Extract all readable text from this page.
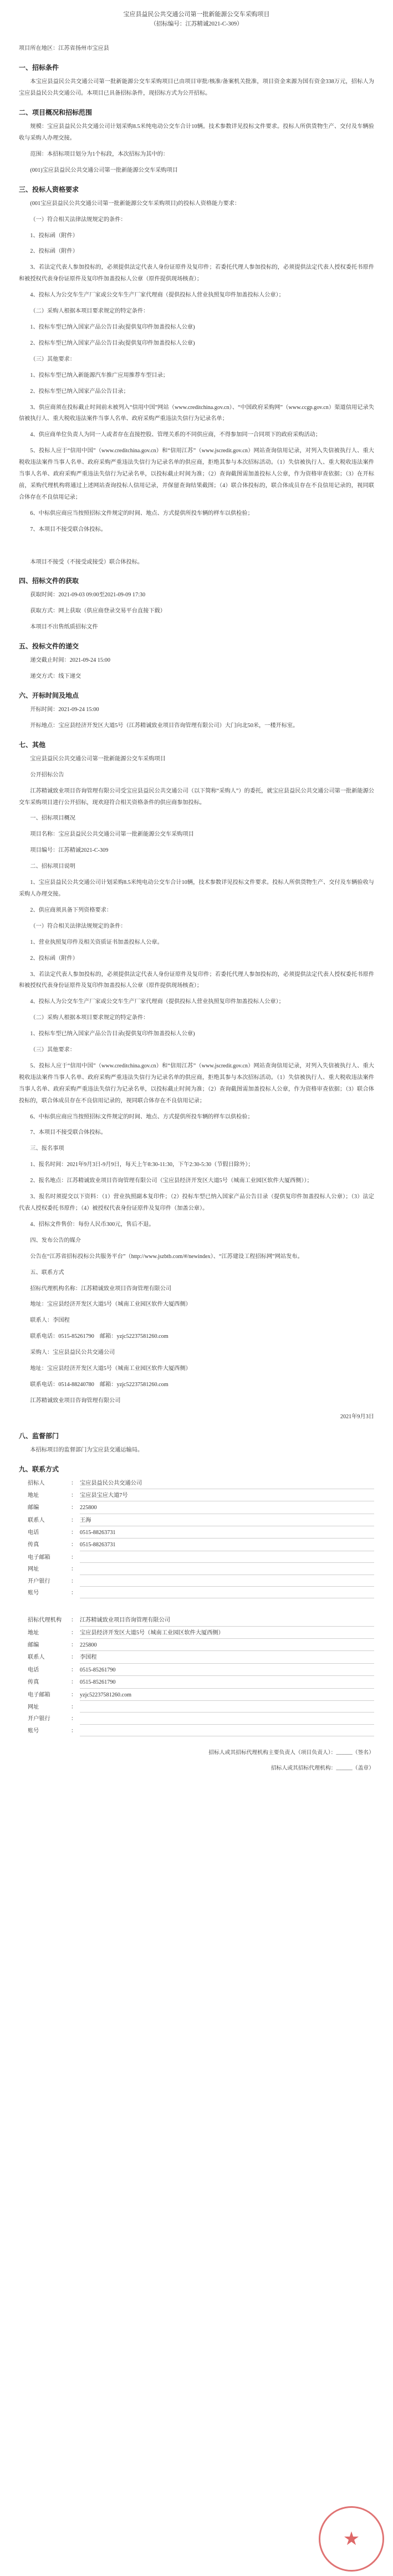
宝应县益民公共交通公司第一批新能源公交车采购项目
（招标编号：江苏精诚2021-C-309）

项目所在地区：江苏省扬州市宝应县

一、招标条件

本宝应县益民公共交通公司第一批新能源公交车采购项目已由项目审批/核准/备案机关批准，项目资金来源为国有资金338万元，招标人为宝应县益民公共交通公司。本项目已具备招标条件，现招标方式为公开招标。

二、项目概况和招标范围

规模：宝应县益民公共交通公司计划采购8.5米纯电动公交车合计10辆。技术参数详见投标文件要求。投标人所供货物生产、交付及车辆验收与采购人办理交接。

范围：本招标项目划分为1个标段，本次招标为其中的：

(001)宝应县益民公共交通公司第一批新能源公交车采购项目

三、投标人资格要求

(001宝应县益民公共交通公司第一批新能源公交车采购项目)的投标人资格能力要求：

（一）符合相关法律法规规定的条件：

1、投标函（附件）

2、投标函（附件）

3、若法定代表人参加投标的，必须提供法定代表人身份证原件及复印件；若委托代理人参加投标的，必须提供法定代表人授权委托书原件和被授权代表身份证原件及复印件加盖投标人公章（原件提供现场核查）；

4、投标人为公交车生产厂家或公交车生产厂家代理商（提供投标人营业执照复印件加盖投标人公章）；

（二）采购人根据本项目要求规定的特定条件：

1、投标车型已纳入国家产品公告目录(提供复印件加盖投标人公章)

2、投标车型已纳入国家产品公告目录(提供复印件加盖投标人公章)

（三）其他要求：

1、投标车型已纳入新能源汽车推广应用推荐车型目录；

2、投标车型已纳入国家产品公告目录；

3、供应商须在投标截止时间前未被列入“信用中国”网站（www.creditchina.gov.cn）、“中国政府采购网”（www.ccgp.gov.cn）渠道信用记录失信被执行人、重大税收违法案件当事人名单、政府采购严重违法失信行为记录名单；

4、供应商单位负责人为同一人或者存在直接控股、管理关系的不同供应商，不得参加同一合同项下的政府采购活动；

5、投标人应于“信用中国”（www.creditchina.gov.cn）和“信用江苏”（www.jscredit.gov.cn）网站查询信用记录，对列入失信被执行人、重大税收违法案件当事人名单、政府采购严重违法失信行为记录名单的供应商，拒绝其参与本次招标活动。（1）失信被执行人、重大税收违法案件当事人名单、政府采购严重违法失信行为记录名单，以投标截止时间为准；（2）查询截图需加盖投标人公章，作为资格审查依据；（3）在开标前，采购代理机构将通过上述网站查询投标人信用记录，并保留查询结果截图；（4）联合体投标的，联合体成员存在不良信用记录的，视同联合体存在不良信用记录；

6、中标供应商应当按照招标文件规定的时间、地点、方式提供所投车辆的样车以供检验；

7、本项目不接受联合体投标。

本项目不接受（不接受或接受）联合体投标。

四、招标文件的获取

获取时间：2021-09-03 09:00至2021-09-09 17:30

获取方式：网上获取（供应商登录交易平台直接下载）

本项目不出售纸质招标文件

五、投标文件的递交

递交截止时间：2021-09-24 15:00

递交方式：线下递交

六、开标时间及地点

开标时间：2021-09-24 15:00

开标地点：宝应县经济开发区大道5号（江苏精诚致业项目咨询管理有限公司）大门向北50米，一楼开标室。

七、其他

宝应县益民公共交通公司第一批新能源公交车采购项目

公开招标公告

江苏精诚致业项目咨询管理有限公司受宝应县益民公共交通公司（以下简称“采购人”）的委托，就宝应县益民公共交通公司第一批新能源公交车采购项目进行公开招标，现欢迎符合相关资格条件的供应商参加投标。

一、招标项目概况

项目名称：宝应县益民公共交通公司第一批新能源公交车采购项目

项目编号：江苏精诚2021-C-309

二、招标项目说明

1、宝应县益民公共交通公司计划采购8.5米纯电动公交车合计10辆，技术参数详见投标文件要求。投标人所供货物生产、交付及车辆验收与采购人办理交接。

2、供应商须具备下列资格要求：

（一）符合相关法律法规规定的条件：

1、营业执照复印件及相关资质证书加盖投标人公章。

2、投标函（附件）

3、若法定代表人参加投标的，必须提供法定代表人身份证原件及复印件；若委托代理人参加投标的，必须提供法定代表人授权委托书原件和被授权代表身份证原件及复印件加盖投标人公章（原件提供现场核查）；

4、投标人为公交车生产厂家或公交车生产厂家代理商（提供投标人营业执照复印件加盖投标人公章）；

（二）采购人根据本项目要求规定的特定条件：

1、投标车型已纳入国家产品公告目录(提供复印件加盖投标人公章)

（三）其他要求：

5、投标人应于“信用中国”（www.creditchina.gov.cn）和“信用江苏”（www.jscredit.gov.cn）网站查询信用记录，对列入失信被执行人、重大税收违法案件当事人名单、政府采购严重违法失信行为记录名单的供应商，拒绝其参与本次招标活动。（1）失信被执行人、重大税收违法案件当事人名单、政府采购严重违法失信行为记录名单，以投标截止时间为准；（2）查询截图需加盖投标人公章，作为资格审查依据；（3）联合体投标的，联合体成员存在不良信用记录的，视同联合体存在不良信用记录；

6、中标供应商应当按照招标文件规定的时间、地点、方式提供所投车辆的样车以供检验；

7、本项目不接受联合体投标。

三、报名事项

1、报名时间：2021年9月3日-9月9日，每天上午8:30-11:30，下午2:30-5:30（节假日除外）；

2、报名地点：江苏精诚致业项目咨询管理有限公司（宝应县经济开发区大道5号（城南工业园区软件大厦西侧））；

3、报名时须提交以下资料：（1）营业执照副本复印件；（2）投标车型已纳入国家产品公告目录（提供复印件加盖投标人公章）；（3）法定代表人授权委托书原件；（4）被授权代表身份证原件及复印件（加盖公章）。

4、招标文件售价：每份人民币300元，售后不退。

四、发布公告的媒介

公告在“江苏省招标投标公共服务平台”（http://www.jszbtb.com/#/newindex）、“江苏建设工程招标网”网站发布。

五、联系方式

招标代理机构名称：江苏精诚致业项目咨询管理有限公司

地址：宝应县经济开发区大道5号（城南工业园区软件大厦西侧）

联系人：李国程

联系电话：0515-85261790　邮箱：yzjc52237581260.com

采购人：宝应县益民公共交通公司

地址：宝应县经济开发区大道5号（城南工业园区软件大厦西侧）

联系电话：0514-88240780　邮箱：yzjc52237581260.com

江苏精诚致业项目咨询管理有限公司

2021年9月3日

八、监督部门

本招标项目的监督部门为宝应县交通运输局。

九、联系方式
招标人	： 宝应县益民公共交通公司
地址	： 宝应县宝应大道7号
邮编	： 225800
联系人	： 王海
电话	： 0515-88263731
传真	： 0515-88263731
电子邮箱	：
网址	：
开户银行	：
账号	：
招标代理机构	： 江苏精诚致业项目咨询管理有限公司
地址	： 宝应县经济开发区大道5号（城南工业园区软件大厦西侧）
邮编	： 225800
联系人	： 李国程
电话	： 0515-85261790
传真	： 0515-85261790
电子邮箱	： yzjc52237581260.com
网址	：
开户银行	：
账号	：

招标人或其招标代理机构主要负责人（项目负责人）：______（签名）

招标人或其招标代理机构：______（盖章）

★
